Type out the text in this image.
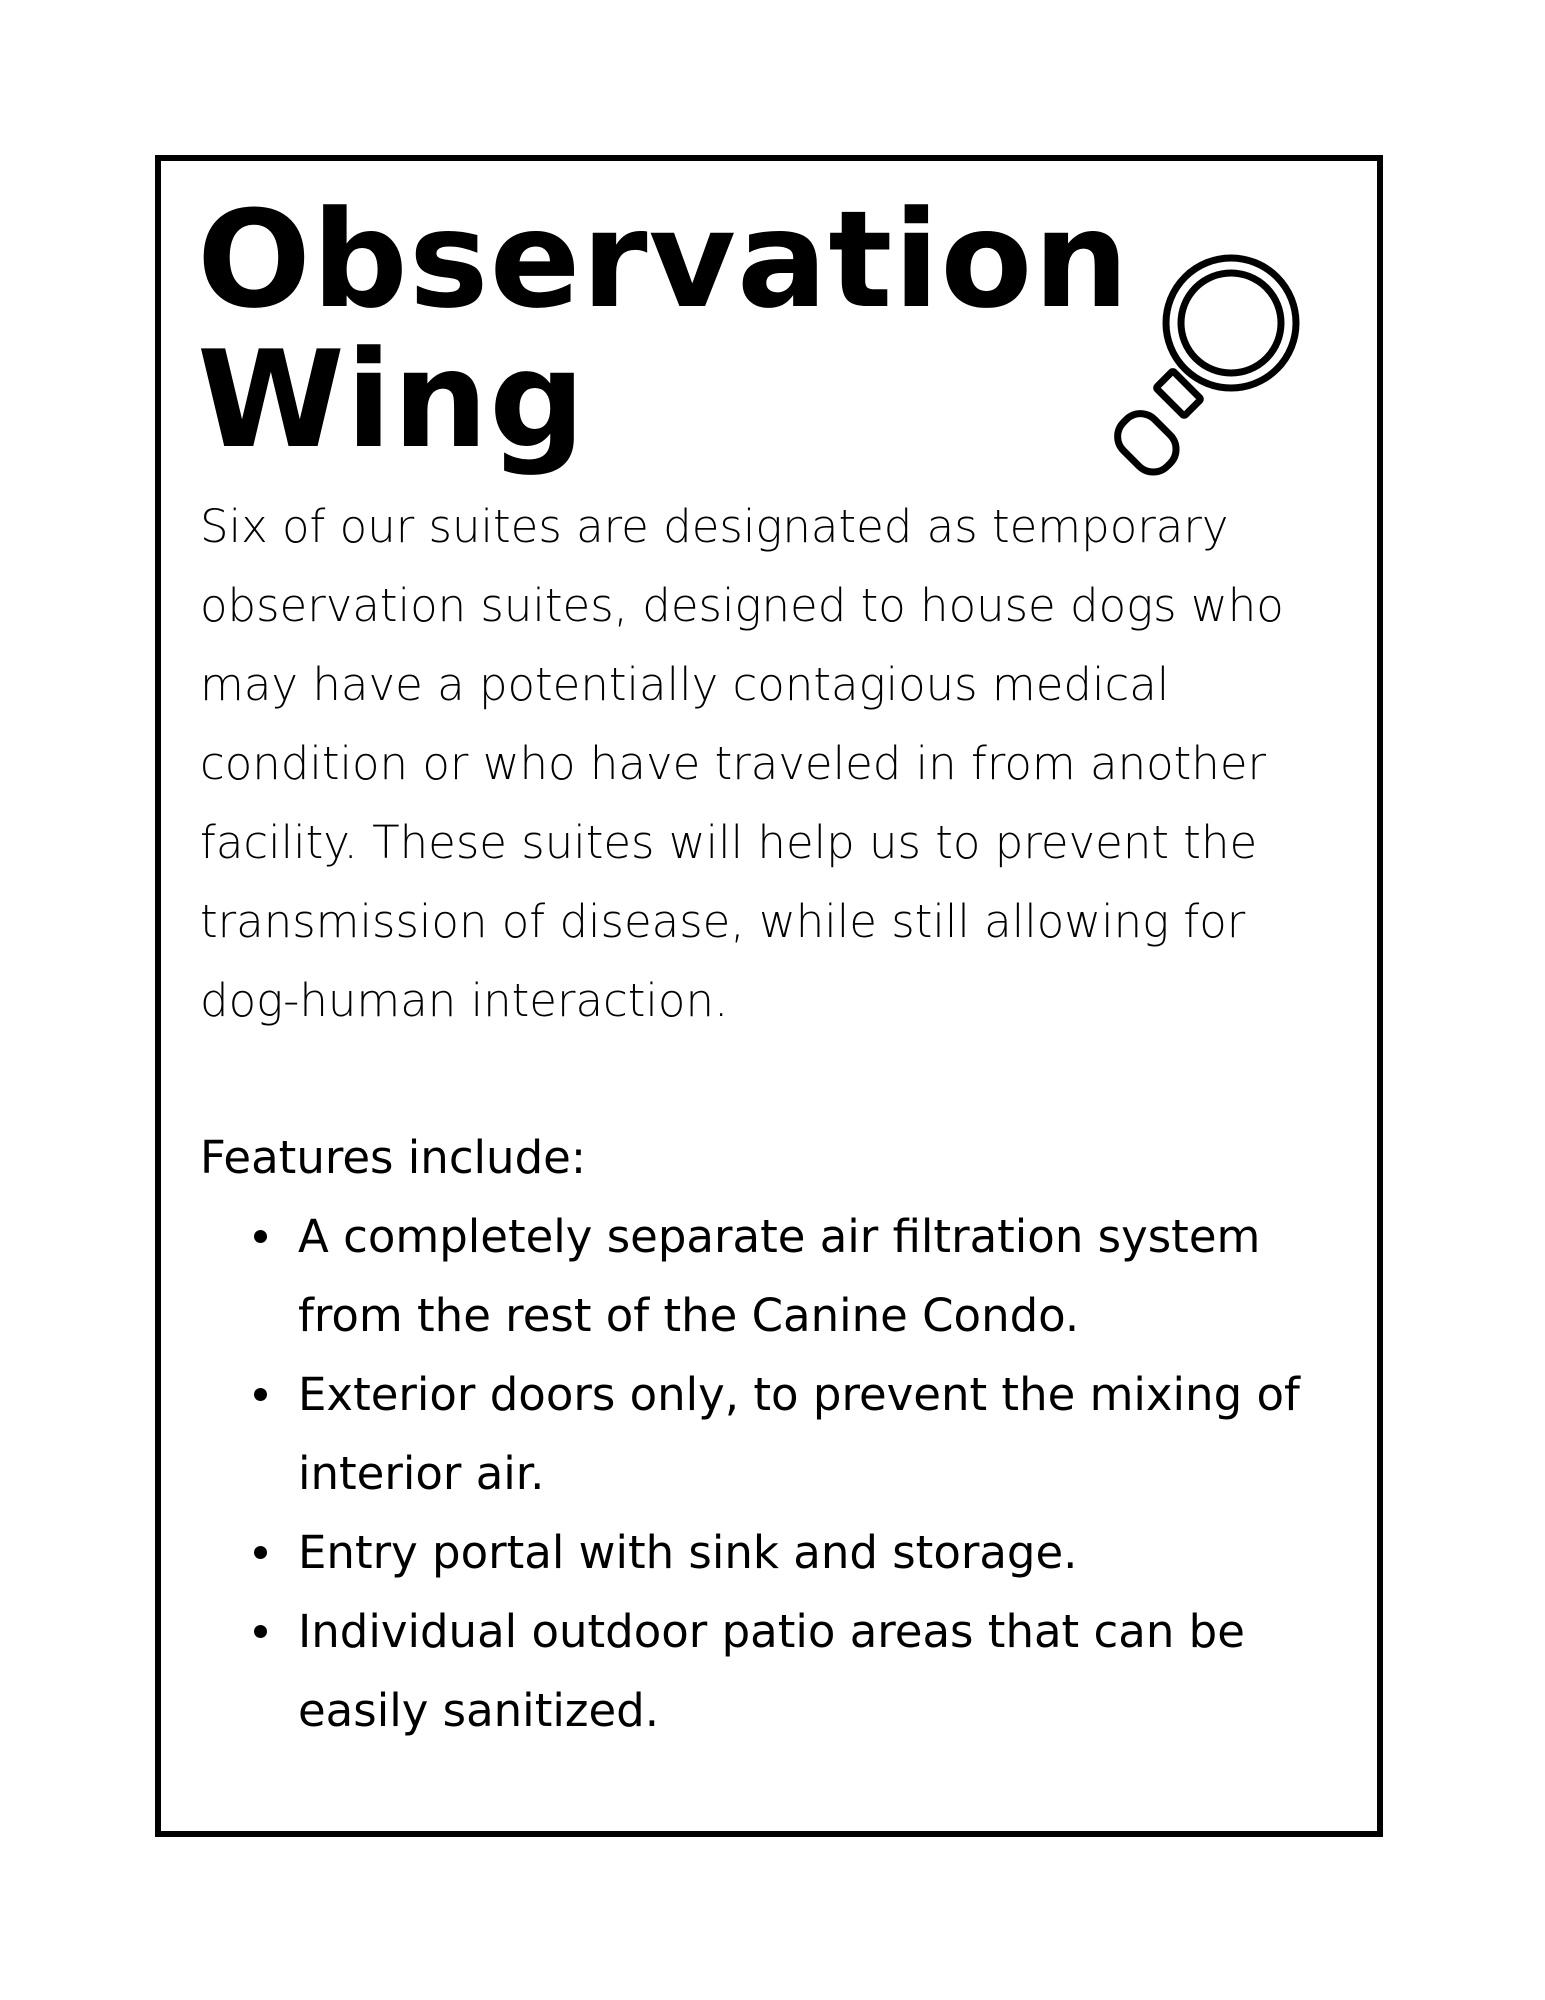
Observation
Wing

Six of our suites are designated as temporary observation suites, designed to house dogs who may have a potentially contagious medical condition or who have traveled in from another facility. These suites will help us to prevent the transmission of disease, while still allowing for dog-human interaction.

Features include:

A completely separate air filtration system from the rest of the Canine Condo.
Exterior doors only, to prevent the mixing of interior air.
Entry portal with sink and storage.
Individual outdoor patio areas that can be easily sanitized.
